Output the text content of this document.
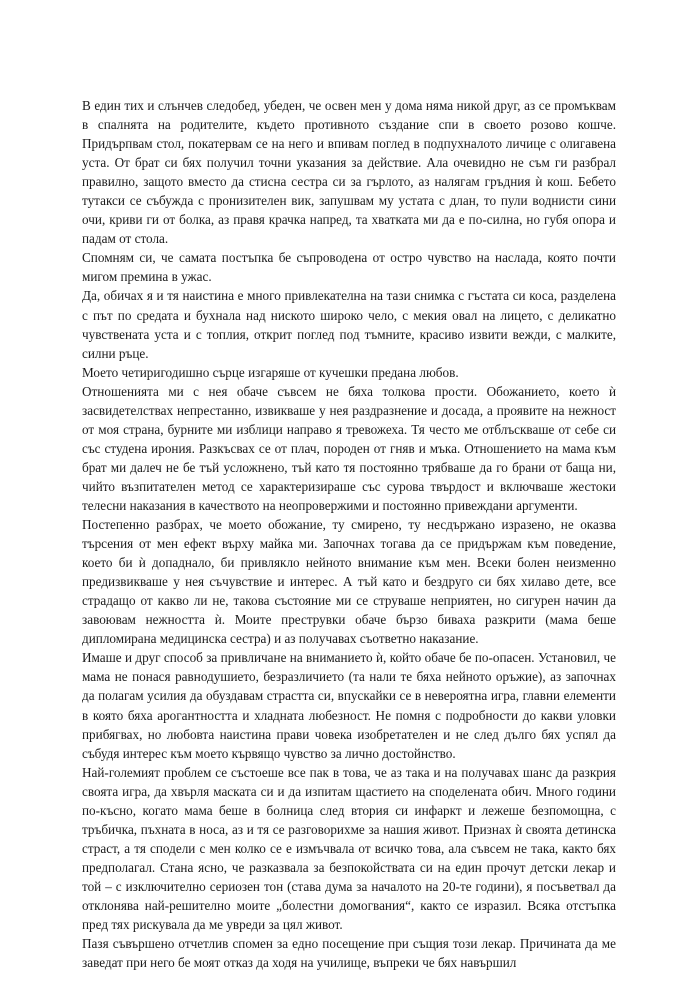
В един тих и слънчев следобед, убеден, че освен мен у дома няма никой друг, аз се промъквам в спалнята на родителите, където противното създание спи в своето розово кошче. Придърпвам стол, покатервам се на него и впивам поглед в подпухналото личице с олигавена уста. От брат си бях получил точни указания за действие. Ала очевидно не съм ги разбрал правилно, защото вместо да стисна сестра си за гърлото, аз налягам гръдния ѝ кош. Бебето тутакси се събужда с пронизителен вик, запушвам му устата с длан, то пули воднисти сини очи, криви ги от болка, аз правя крачка напред, та хватката ми да е по-силна, но губя опора и падам от стола.

Спомням си, че самата постъпка бе съпроводена от остро чувство на наслада, която почти мигом премина в ужас.

Да, обичах я и тя наистина е много привлекателна на тази снимка с гъстата си коса, разделена с път по средата и бухнала над ниското широко чело, с мекия овал на лицето, с деликатно чувствената уста и с топлия, открит поглед под тъмните, красиво извити вежди, с малките, силни ръце.

Моето четиригодишно сърце изгаряше от кучешки предана любов.

Отношенията ми с нея обаче съвсем не бяха толкова прости. Обожанието, което ѝ засвидетелствах непрестанно, извикваше у нея раздразнение и досада, а проявите на нежност от моя страна, бурните ми изблици направо я тревожеха. Тя често ме отблъскваше от себе си със студена ирония. Разкъсвах се от плач, породен от гняв и мъка. Отношението на мама към брат ми далеч не бе тъй усложнено, тъй като тя постоянно трябваше да го брани от баща ни, чийто възпитателен метод се характеризираше със сурова твърдост и включваше жестоки телесни наказания в качеството на неопровержими и постоянно привеждани аргументи.

Постепенно разбрах, че моето обожание, ту смирено, ту несдържано изразено, не оказва търсения от мен ефект върху майка ми. Започнах тогава да се придържам към поведение, което би ѝ допаднало, би привлякло нейното внимание към мен. Всеки болен неизменно предизвикваше у нея съчувствие и интерес. А тъй като и бездруго си бях хилаво дете, все страдащо от какво ли не, такова състояние ми се струваше неприятен, но сигурен начин да завоювам нежността ѝ. Моите преструвки обаче бързо биваха разкрити (мама беше дипломирана медицинска сестра) и аз получавах съответно наказание.

Имаше и друг способ за привличане на вниманието ѝ, който обаче бе по-опасен. Установил, че мама не понася равнодушието, безразличието (та нали те бяха нейното оръжие), аз започнах да полагам усилия да обуздавам страстта си, впускайки се в невероятна игра, главни елементи в която бяха арогантността и хладната любезност. Не помня с подробности до какви уловки прибягвах, но любовта наистина прави човека изобретателен и не след дълго бях успял да събудя интерес към моето кървящо чувство за лично достойнство.

Най-големият проблем се състоеше все пак в това, че аз така и на получавах шанс да разкрия своята игра, да хвърля маската си и да изпитам щастието на споделената обич. Много години по-късно, когато мама беше в болница след втория си инфаркт и лежеше безпомощна, с тръбичка, пъхната в носа, аз и тя се разговорихме за нашия живот. Признах ѝ своята детинска страст, а тя сподели с мен колко се е измъчвала от всичко това, ала съвсем не така, както бях предполагал. Стана ясно, че разказвала за безпокойствата си на един прочут детски лекар и той – с изключително сериозен тон (става дума за началото на 20-те години), я посъветвал да отклонява най-решително моите „болестни домогвания“, както се изразил. Всяка отстъпка пред тях рискувала да ме увреди за цял живот.

Пазя съвършено отчетлив спомен за едно посещение при същия този лекар. Причината да ме заведат при него бе моят отказ да ходя на училище, въпреки че бях навършил
